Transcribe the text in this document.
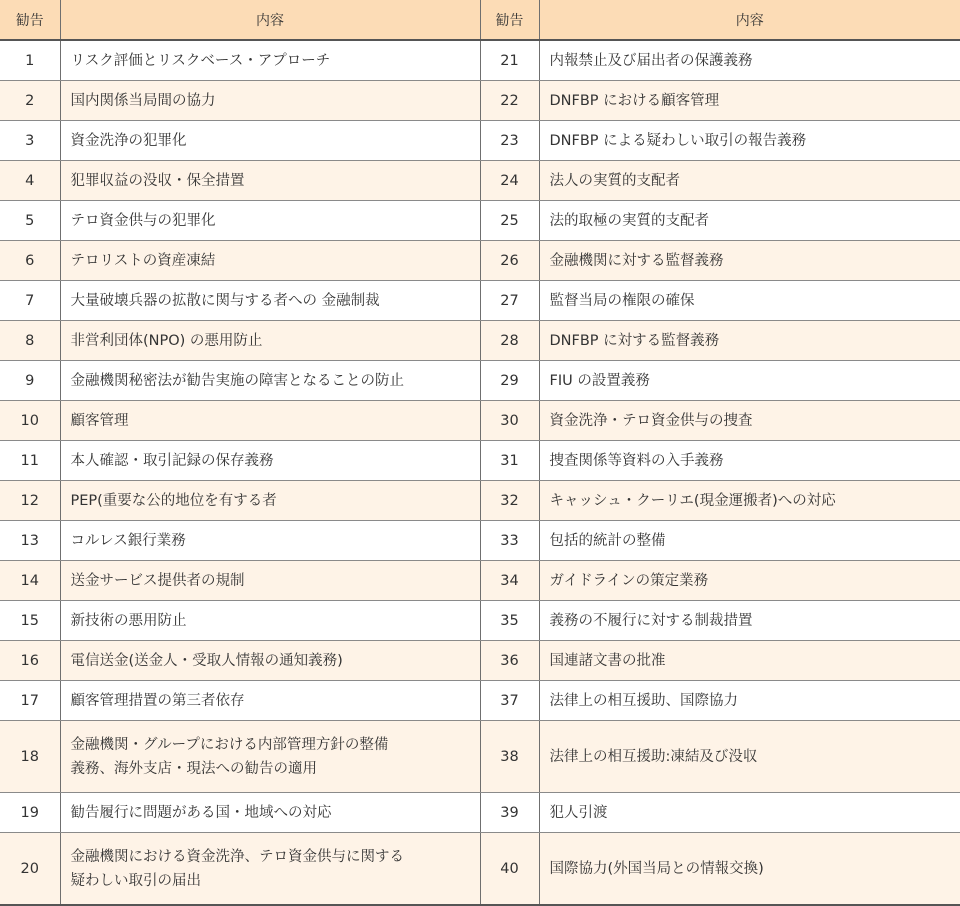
勧告	内容	勧告	内容
1	リスク評価とリスクベース・アプローチ	21	内報禁止及び届出者の保護義務
2	国内関係当局間の協力	22	DNFBP における顧客管理
3	資金洗浄の犯罪化	23	DNFBP による疑わしい取引の報告義務
4	犯罪収益の没収・保全措置	24	法人の実質的支配者
5	テロ資金供与の犯罪化	25	法的取極の実質的支配者
6	テロリストの資産凍結	26	金融機関に対する監督義務
7	大量破壊兵器の拡散に関与する者への 金融制裁	27	監督当局の権限の確保
8	非営利団体(NPO) の悪用防止	28	DNFBP に対する監督義務
9	金融機関秘密法が勧告実施の障害となることの防止	29	FIU の設置義務
10	顧客管理	30	資金洗浄・テロ資金供与の捜査
11	本人確認・取引記録の保存義務	31	捜査関係等資料の入手義務
12	PEP(重要な公的地位を有する者	32	キャッシュ・クーリエ(現金運搬者)への対応
13	コルレス銀行業務	33	包括的統計の整備
14	送金サービス提供者の規制	34	ガイドラインの策定業務
15	新技術の悪用防止	35	義務の不履行に対する制裁措置
16	電信送金(送金人・受取人情報の通知義務)	36	国連諸文書の批准
17	顧客管理措置の第三者依存	37	法律上の相互援助、国際協力
18	金融機関・グループにおける内部管理方針の整備
義務、海外支店・現法への勧告の適用	38	法律上の相互援助:凍結及び没収
19	勧告履行に問題がある国・地域への対応	39	犯人引渡
20	金融機関における資金洗浄、テロ資金供与に関する
疑わしい取引の届出	40	国際協力(外国当局との情報交換)
